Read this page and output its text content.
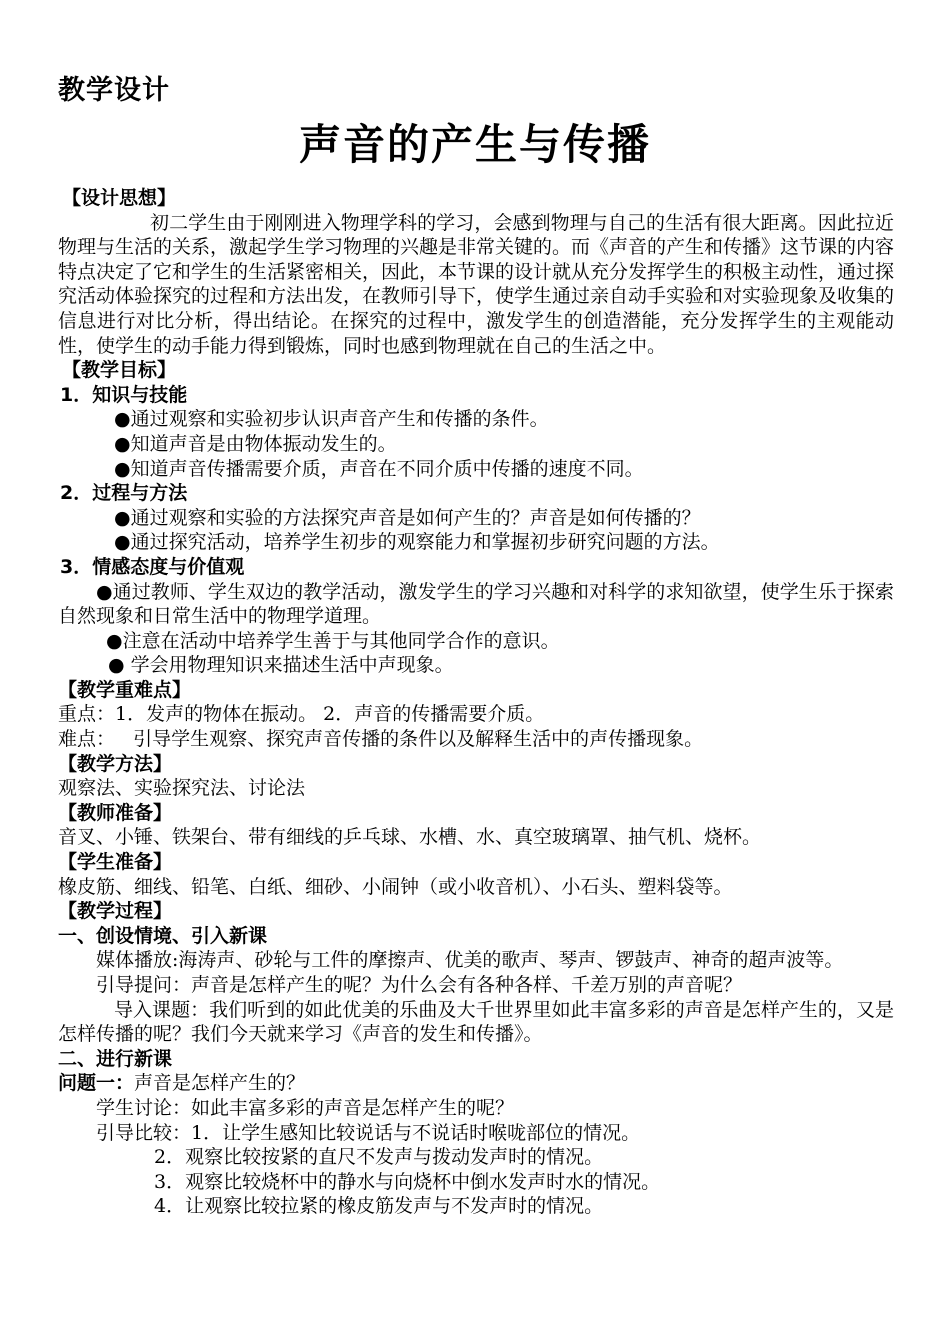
教学设计
声音的产生与传播

【设计思想】

初二学生由于刚刚进入物理学科的学习，会感到物理与自己的生活有很大距离。因此拉近物理与生活的关系，激起学生学习物理的兴趣是非常关键的。而《声音的产生和传播》这节课的内容特点决定了它和学生的生活紧密相关，因此，本节课的设计就从充分发挥学生的积极主动性，通过探究活动体验探究的过程和方法出发，在教师引导下，使学生通过亲自动手实验和对实验现象及收集的信息进行对比分析，得出结论。在探究的过程中，激发学生的创造潜能，充分发挥学生的主观能动性，使学生的动手能力得到锻炼，同时也感到物理就在自己的生活之中。

【教学目标】

1．知识与技能

●通过观察和实验初步认识声音产生和传播的条件。

●知道声音是由物体振动发生的。

●知道声音传播需要介质，声音在不同介质中传播的速度不同。

2．过程与方法

●通过观察和实验的方法探究声音是如何产生的？声音是如何传播的？

●通过探究活动，培养学生初步的观察能力和掌握初步研究问题的方法。

3．情感态度与价值观

●通过教师、学生双边的教学活动，激发学生的学习兴趣和对科学的求知欲望，使学生乐于探索自然现象和日常生活中的物理学道理。

●注意在活动中培养学生善于与其他同学合作的意识。

● 学会用物理知识来描述生活中声现象。

【教学重难点】

重点：1．发声的物体在振动。 2．声音的传播需要介质。

难点：   引导学生观察、探究声音传播的条件以及解释生活中的声传播现象。

【教学方法】

观察法、实验探究法、讨论法

【教师准备】

音叉、小锤、铁架台、带有细线的乒乓球、水槽、水、真空玻璃罩、抽气机、烧杯。

【学生准备】

橡皮筋、细线、铅笔、白纸、细砂、小闹钟（或小收音机）、小石头、塑料袋等。

【教学过程】

一、创设情境、引入新课

媒体播放:海涛声、砂轮与工件的摩擦声、优美的歌声、琴声、锣鼓声、神奇的超声波等。

引导提问：声音是怎样产生的呢？为什么会有各种各样、千差万别的声音呢？

导入课题：我们听到的如此优美的乐曲及大千世界里如此丰富多彩的声音是怎样产生的，又是怎样传播的呢？我们今天就来学习《声音的发生和传播》。

二、进行新课

问题一：声音是怎样产生的？

学生讨论：如此丰富多彩的声音是怎样产生的呢？

引导比较：1．让学生感知比较说话与不说话时喉咙部位的情况。

2．观察比较按紧的直尺不发声与拨动发声时的情况。

3．观察比较烧杯中的静水与向烧杯中倒水发声时水的情况。

4．让观察比较拉紧的橡皮筋发声与不发声时的情况。
